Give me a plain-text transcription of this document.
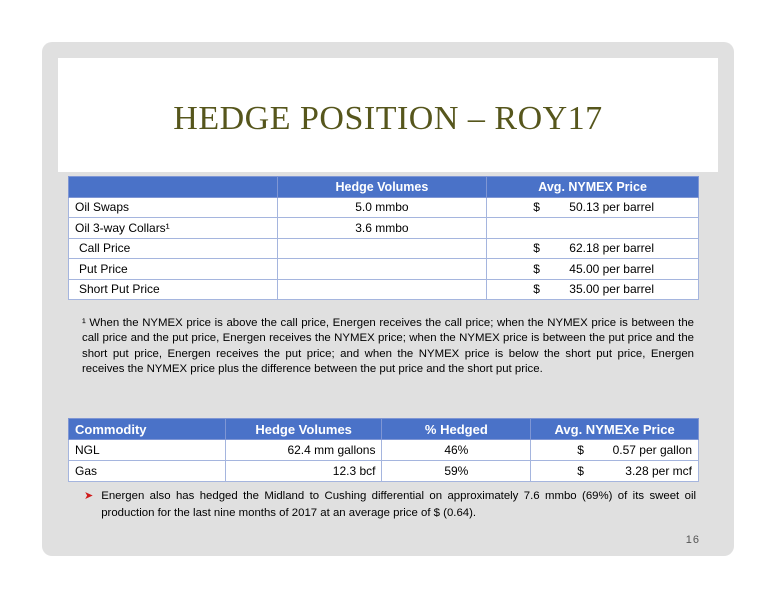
HEDGE POSITION – ROY17
	Hedge Volumes	Avg. NYMEX Price
Oil Swaps	5.0 mmbo	$ 50.13 per barrel

Oil 3-way Collars¹	3.6 mmbo	

Call Price		$ 62.18 per barrel

Put Price		$ 45.00 per barrel

Short Put Price		$ 35.00 per barrel
¹ When the NYMEX price is above the call price, Energen receives the call price; when the NYMEX price is between the call price and the put price, Energen receives the NYMEX price; when the NYMEX price is between the put price and the short put price, Energen receives the put price; and when the NYMEX price is below the short put price, Energen receives the NYMEX price plus the difference between the put price and the short put price.
Commodity	Hedge Volumes	% Hedged	Avg. NYMEXe Price
NGL	62.4 mm gallons	46%	$ 0.57 per gallon

Gas	12.3 bcf	59%	$ 3.28 per mcf
➤ Energen also has hedged the Midland to Cushing differential on approximately 7.6 mmbo (69%) of its sweet oil production for the last nine months of 2017 at an average price of $ (0.64).
16
